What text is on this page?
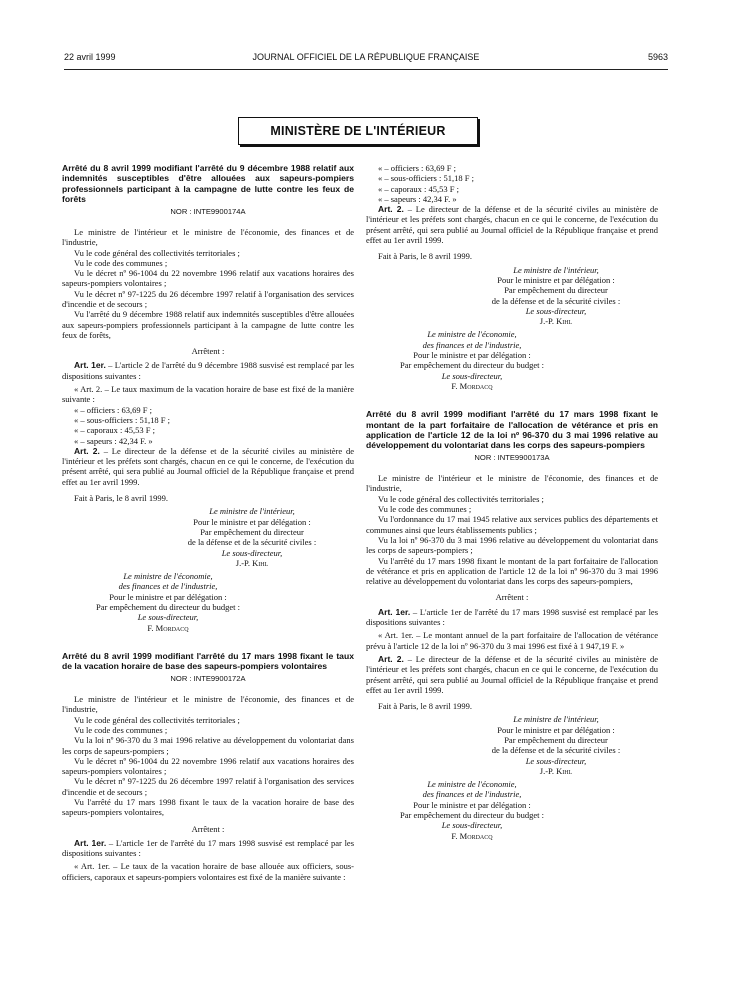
22 avril 1999	JOURNAL OFFICIEL DE LA RÉPUBLIQUE FRANÇAISE	5963
MINISTÈRE DE L'INTÉRIEUR
Arrêté du 8 avril 1999 modifiant l'arrêté du 9 décembre 1988 relatif aux indemnités susceptibles d'être allouées aux sapeurs-pompiers professionnels participant à la campagne de lutte contre les feux de forêts
NOR : INTE9900174A

Le ministre de l'intérieur et le ministre de l'économie, des finances et de l'industrie,

Vu le code général des collectivités territoriales ;

Vu le code des communes ;

Vu le décret nº 96-1004 du 22 novembre 1996 relatif aux vacations horaires des sapeurs-pompiers volontaires ;

Vu le décret nº 97-1225 du 26 décembre 1997 relatif à l'organisation des services d'incendie et de secours ;

Vu l'arrêté du 9 décembre 1988 relatif aux indemnités susceptibles d'être allouées aux sapeurs-pompiers professionnels participant à la campagne de lutte contre les feux de forêts,

Arrêtent :

Art. 1er. – L'article 2 de l'arrêté du 9 décembre 1988 susvisé est remplacé par les dispositions suivantes :

« Art. 2. – Le taux maximum de la vacation horaire de base est fixé de la manière suivante :

« – officiers : 63,69 F ;

« – sous-officiers : 51,18 F ;

« – caporaux : 45,53 F ;

« – sapeurs : 42,34 F. »

Art. 2. – Le directeur de la défense et de la sécurité civiles au ministère de l'intérieur et les préfets sont chargés, chacun en ce qui le concerne, de l'exécution du présent arrêté, qui sera publié au Journal officiel de la République française et prend effet au 1er avril 1999.

Fait à Paris, le 8 avril 1999.

Le ministre de l'intérieur,
Pour le ministre et par délégation :
Par empêchement du directeur
de la défense et de la sécurité civiles :
Le sous-directeur,
J.-P. Kihl
Le ministre de l'économie,
des finances et de l'industrie,
Pour le ministre et par délégation :
Par empêchement du directeur du budget :
Le sous-directeur,
F. Mordacq
Arrêté du 8 avril 1999 modifiant l'arrêté du 17 mars 1998 fixant le taux de la vacation horaire de base des sapeurs-pompiers volontaires
NOR : INTE9900172A

Le ministre de l'intérieur et le ministre de l'économie, des finances et de l'industrie,

Vu le code général des collectivités territoriales ;

Vu le code des communes ;

Vu la loi nº 96-370 du 3 mai 1996 relative au développement du volontariat dans les corps de sapeurs-pompiers ;

Vu le décret nº 96-1004 du 22 novembre 1996 relatif aux vacations horaires des sapeurs-pompiers volontaires ;

Vu le décret nº 97-1225 du 26 décembre 1997 relatif à l'organisation des services d'incendie et de secours ;

Vu l'arrêté du 17 mars 1998 fixant le taux de la vacation horaire de base des sapeurs-pompiers volontaires,

Arrêtent :

Art. 1er. – L'article 1er de l'arrêté du 17 mars 1998 susvisé est remplacé par les dispositions suivantes :

« Art. 1er. – Le taux de la vacation horaire de base allouée aux officiers, sous-officiers, caporaux et sapeurs-pompiers volontaires est fixé de la manière suivante :

« – officiers : 63,69 F ;

« – sous-officiers : 51,18 F ;

« – caporaux : 45,53 F ;

« – sapeurs : 42,34 F. »

Art. 2. – Le directeur de la défense et de la sécurité civiles au ministère de l'intérieur et les préfets sont chargés, chacun en ce qui le concerne, de l'exécution du présent arrêté, qui sera publié au Journal officiel de la République française et prend effet au 1er avril 1999.

Fait à Paris, le 8 avril 1999.

Le ministre de l'intérieur,
Pour le ministre et par délégation :
Par empêchement du directeur
de la défense et de la sécurité civiles :
Le sous-directeur,
J.-P. Kihl
Le ministre de l'économie,
des finances et de l'industrie,
Pour le ministre et par délégation :
Par empêchement du directeur du budget :
Le sous-directeur,
F. Mordacq
Arrêté du 8 avril 1999 modifiant l'arrêté du 17 mars 1998 fixant le montant de la part forfaitaire de l'allocation de vétérance et pris en application de l'article 12 de la loi nº 96-370 du 3 mai 1996 relative au développement du volontariat dans les corps des sapeurs-pompiers
NOR : INTE9900173A

Le ministre de l'intérieur et le ministre de l'économie, des finances et de l'industrie,

Vu le code général des collectivités territoriales ;

Vu le code des communes ;

Vu l'ordonnance du 17 mai 1945 relative aux services publics des départements et communes ainsi que leurs établissements publics ;

Vu la loi nº 96-370 du 3 mai 1996 relative au développement du volontariat dans les corps de sapeurs-pompiers ;

Vu l'arrêté du 17 mars 1998 fixant le montant de la part forfaitaire de l'allocation de vétérance et pris en application de l'article 12 de la loi nº 96-370 du 3 mai 1996 relative au développement du volontariat dans les corps des sapeurs-pompiers,

Arrêtent :

Art. 1er. – L'article 1er de l'arrêté du 17 mars 1998 susvisé est remplacé par les dispositions suivantes :

« Art. 1er. – Le montant annuel de la part forfaitaire de l'allocation de vétérance prévu à l'article 12 de la loi nº 96-370 du 3 mai 1996 est fixé à 1 947,19 F. »

Art. 2. – Le directeur de la défense et de la sécurité civiles au ministère de l'intérieur et les préfets sont chargés, chacun en ce qui le concerne, de l'exécution du présent arrêté, qui sera publié au Journal officiel de la République française et prend effet au 1er avril 1999.

Fait à Paris, le 8 avril 1999.

Le ministre de l'intérieur,
Pour le ministre et par délégation :
Par empêchement du directeur
de la défense et de la sécurité civiles :
Le sous-directeur,
J.-P. Kihl
Le ministre de l'économie,
des finances et de l'industrie,
Pour le ministre et par délégation :
Par empêchement du directeur du budget :
Le sous-directeur,
F. Mordacq
